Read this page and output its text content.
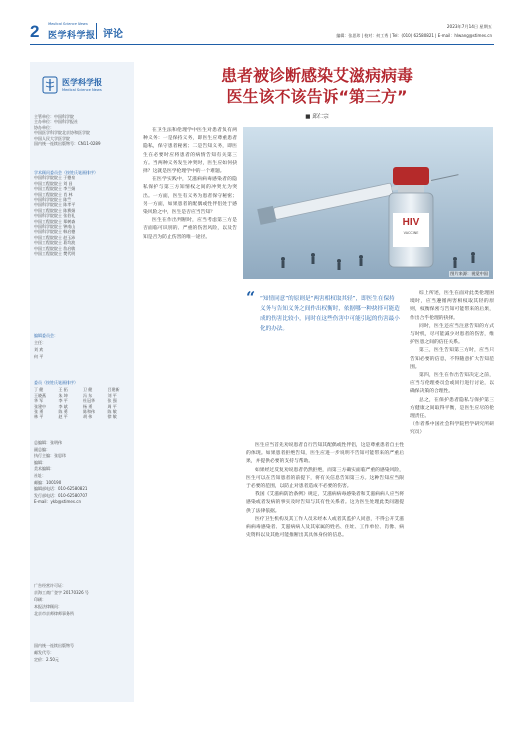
2 Medical Science News
医学科学报 评论
2023年7月14日 星期五
编辑：张思玮 | 校对：何工秀 | Tel：(010) 62580821 | E-mail：hlwang@stimes.cn
医学科学报
Medical Science News
主管单位：中国科学院
主办单位：中国科学报社
协办单位：
中国医学科学院北京协和医学院
中国人民大学医学院
国内统一连续出版物号：CN11-0289
学术顾问委员会（按姓氏笔画排序）
中国科学院院士 于德泉
中国工程院院士 刘 昌
中国工程院院士 李兰娟
中国工程院院士 肖 林
中国科学院院士 陈竺
中国科学院院士 陈孝平
中国工程院院士 陈赛娟
中国科学院院士 张伯礼
中国工程院院士 郑树森
中国科学院院士 钟南山
中国科学院院士 韩启德
中国工程院院士 赵玉沛
中国工程院院士 葛均波
中国工程院院士 詹启敏
中国工程院院士 樊代明
编辑委员会：
主任：
刘 欢
何 平
委员（按姓氏笔画排序）
丁 健	王 拓	卫 健	吕建新
王晓燕	朱 坤	冯 东	刘 平
华 军	李 平	杜冠华	张 强
张建中	李 斌	杨 勇	周 平
张 勇	陈 勇	陈和伟	陈 敏
林 平	赵 平	胡 伟	徐 敏
总编辑：张明伟
副总编：
执行主编：张思玮
编辑：
美术编辑：
社址：
邮编：100190
编辑部电话：010-62580821
发行部电话：010-62580707
E-mail：ykb@stimes.cn
广告经营许可证：
京海工商广登字 20170326 号
印刷：
本报法律顾问：
北京市京师律师事务所
国内统一连续出版物号
邮发代号：
定价：2.50元
患者被诊断感染艾滋病病毒
医生该不该告诉“第三方”
■ 邱仁宗
HIV
VACCINE
图片来源：视觉中国

在卫生法和伦理学中医生对患者负有两种义务：一是保持义务，即医生应尊重患者隐私，保守患者秘密；二是告知义务，即医生在必要时应将患者的病情告知有关第三方。当两种义务发生冲突时，医生应如何抉择？这就是医学伦理学中的一个难题。

在医学实践中，艾滋病病毒感染者的隐私保护与第三方知情权之间的冲突尤为突出。一方面，医生有义务为患者保守秘密；另一方面，如果患者的配偶或性伴侣处于感染风险之中，医生是否应当告知？

医生在作出判断时，应当考虑第三方是否面临可识别的、严重的伤害风险，以及告知是否为防止伤害的唯一途径。

“ “知情同意”的原则是“两害相权取其轻”，即医生在保持义务与告知义务之间作出权衡时，依据哪一种抉择可能造成的伤害比较小，同时在这些伤害中可能引起的伤害最小化的办法。

医生应当首先劝说患者自行告知其配偶或性伴侣，这是尊重患者自主性的体现。如果患者拒绝告知，医生应进一步说明不告知可能带来的严重后果，并提供必要的支持与帮助。

如果经过反复劝说患者仍然拒绝，而第三方确实面临严重的感染风险，医生可以在告知患者的前提下，将有关信息告知第三方。这种告知应当限于必要的范围，以防止对患者造成不必要的伤害。

我国《艾滋病防治条例》规定，艾滋病病毒感染者和艾滋病病人应当将感染或者发病的事实及时告知与其有性关系者。这为医生处理此类问题提供了法律依据。

医疗卫生机构及其工作人员未经本人或者其监护人同意，不得公开艾滋病病毒感染者、艾滋病病人及其家属的姓名、住址、工作单位、肖像、病史资料以及其他可能推断出其具体身份的信息。

综上所述，医生在面对此类伦理困境时，应当遵循两害相权取其轻的原则，权衡保密与告知可能带来的后果，作出合乎伦理的抉择。

同时，医生还应当注意告知的方式与时机，尽可能减少对患者的伤害，维护医患之间的信任关系。

第三，医生告知第三方时，应当只告知必要的信息，不得随意扩大告知范围。

第四，医生在作出告知决定之前，应当与伦理委员会或同行进行讨论，以确保决策的合理性。

总之，在保护患者隐私与保护第三方健康之间取得平衡，是医生应尽的伦理责任。

（作者系中国社会科学院哲学研究所研究员）
